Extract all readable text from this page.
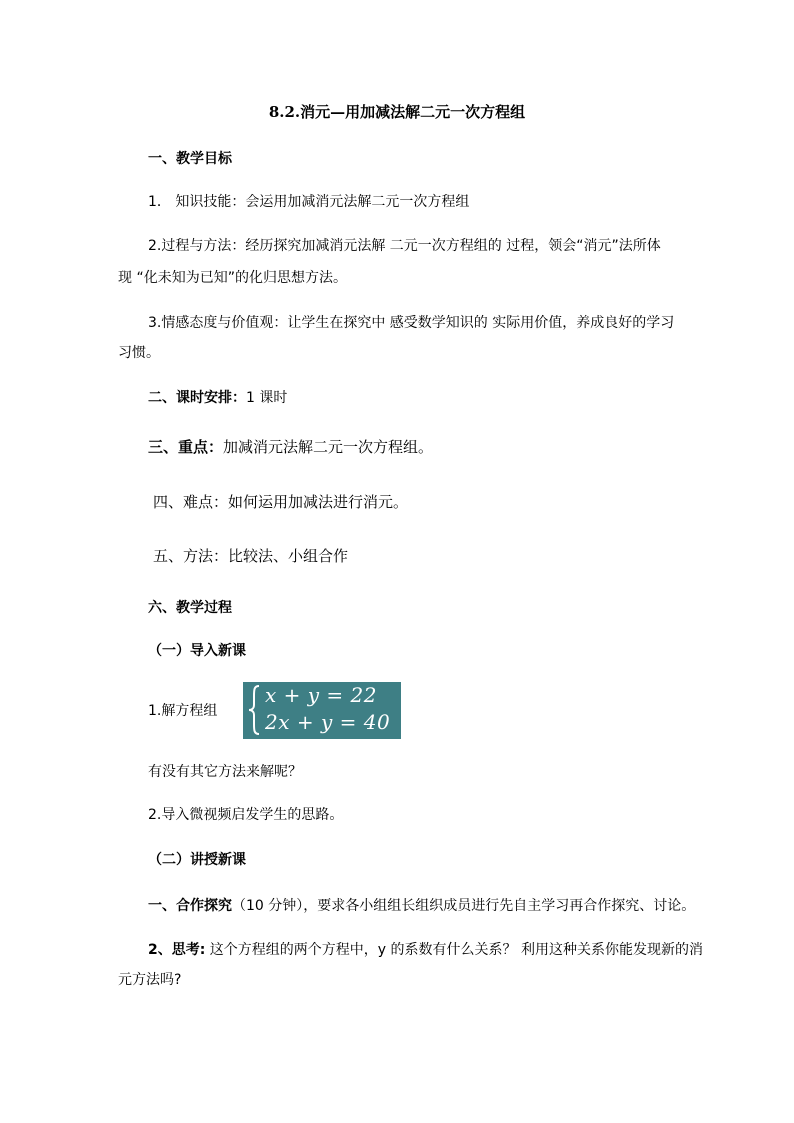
8.2.消元—用加减法解二元一次方程组
一、教学目标
1． 知识技能：会运用加减消元法解二元一次方程组
2.过程与方法：经历探究加减消元法解 二元一次方程组的 过程，领会“消元”法所体
现 “化未知为已知”的化归思想方法。
3.情感态度与价值观：让学生在探究中 感受数学知识的 实际用价值，养成良好的学习
习惯。
二、课时安排：1 课时
三、重点：加减消元法解二元一次方程组。
四、难点：如何运用加减法进行消元。
五、方法：比较法、小组合作
六、教学过程
（一）导入新课
1.解方程组
x + y = 22
2x + y = 40
有没有其它方法来解呢？
2.导入微视频启发学生的思路。
（二）讲授新课
一、合作探究（10 分钟），要求各小组组长组织成员进行先自主学习再合作探究、讨论。
2、思考: 这个方程组的两个方程中，y 的系数有什么关系？ 利用这种关系你能发现新的消
元方法吗?
